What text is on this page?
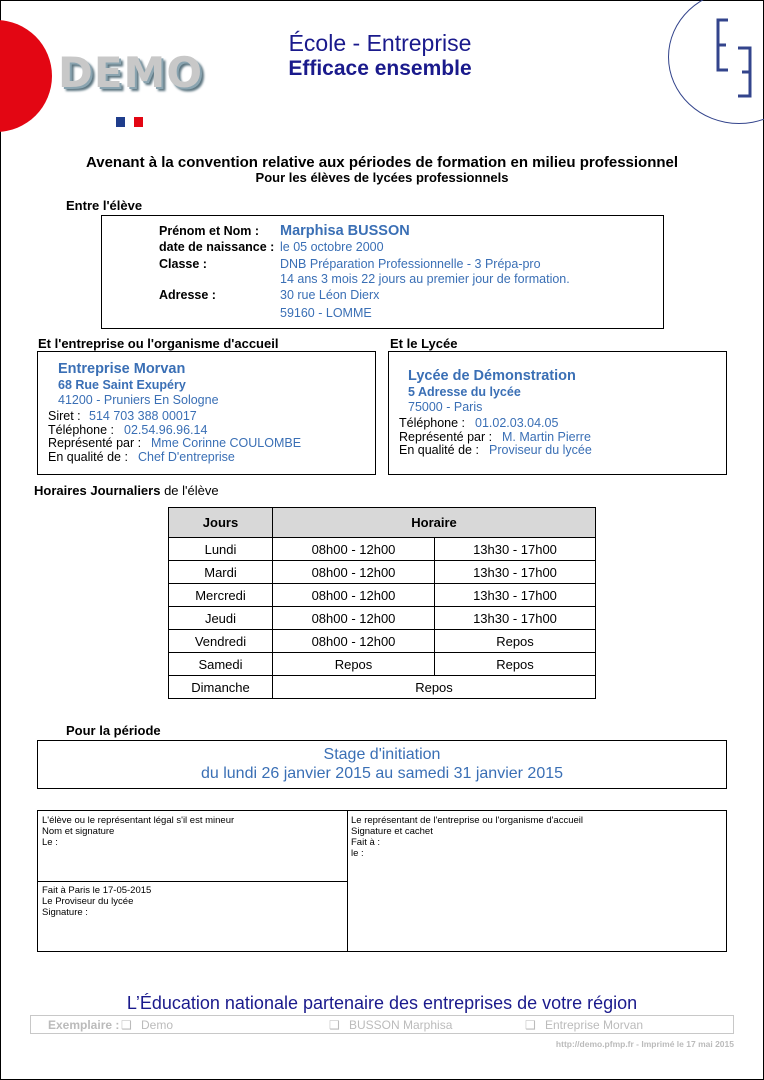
DEMO
École - Entreprise
Efficace ensemble
Avenant à la convention relative aux périodes de formation en milieu professionnel
Pour les élèves de lycées professionnels
Entre l'élève
Prénom et Nom : Marphisa BUSSON
date de naissance : le 05 octobre 2000
Classe :	DNB Préparation Professionnelle - 3 Prépa-pro
14 ans 3 mois 22 jours au premier jour de formation.
Adresse :	30 rue Léon Dierx
59160 - LOMME
Et l'entreprise ou l'organisme d'accueil
Entreprise Morvan
68 Rue Saint Exupéry
41200 - Pruniers En Sologne
Siret : 514 703 388 00017
Téléphone : 02.54.96.96.14
Représenté par : Mme Corinne COULOMBE
En qualité de : Chef D'entreprise
Et le Lycée
Lycée de Démonstration
5 Adresse du lycée
75000 - Paris
Téléphone : 01.02.03.04.05
Représenté par : M. Martin Pierre
En qualité de : Proviseur du lycée
Horaires Journaliers de l'élève
Jours	Horaire	
Lundi	08h00 - 12h00	13h30 - 17h00
Mardi	08h00 - 12h00	13h30 - 17h00
Mercredi	08h00 - 12h00	13h30 - 17h00
Jeudi	08h00 - 12h00	13h30 - 17h00
Vendredi	08h00 - 12h00	Repos
Samedi	Repos	Repos
Dimanche	Repos	
Pour la période
Stage d'initiation
du lundi 26 janvier 2015 au samedi 31 janvier 2015
L'élève ou le représentant légal s'il est mineur
Nom et signature
Le :
Le représentant de l'entreprise ou l'organisme d'accueil
Signature et cachet
Fait à :
le :
Fait à Paris le 17-05-2015
Le Proviseur du lycée
Signature :
L’Éducation nationale partenaire des entreprises de votre région
Exemplaire : ❑ Demo	❑ BUSSON Marphisa	❑ Entreprise Morvan
http://demo.pfmp.fr - Imprimé le 17 mai 2015
